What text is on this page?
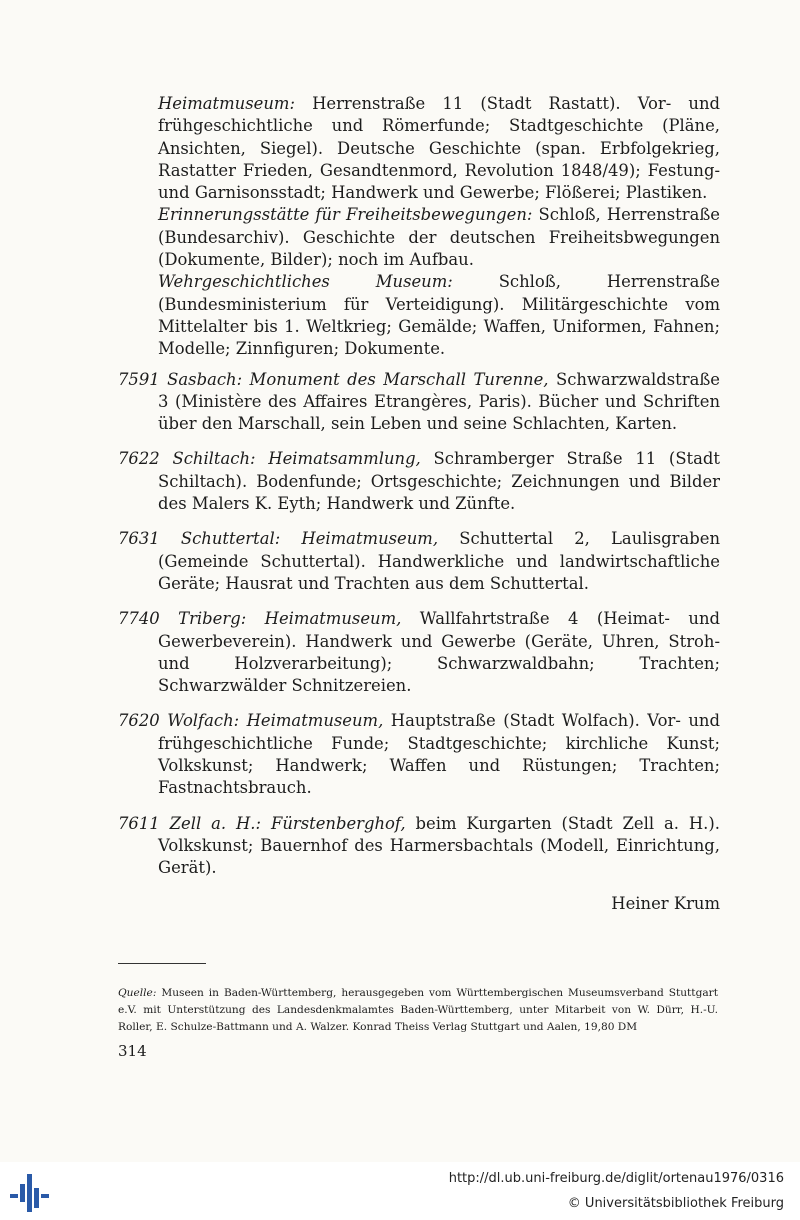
Heimatmuseum: Herrenstraße 11 (Stadt Rastatt). Vor- und frühgeschichtliche und Römerfunde; Stadtgeschichte (Pläne, Ansichten, Siegel). Deutsche Geschichte (span. Erbfolgekrieg, Rastatter Frieden, Gesandtenmord, Revolution 1848/49); Festung- und Garnisonsstadt; Handwerk und Gewerbe; Flößerei; Plastiken.

Erinnerungsstätte für Freiheitsbewegungen: Schloß, Herrenstraße (Bundesarchiv). Geschichte der deutschen Freiheitsbwegungen (Dokumente, Bilder); noch im Aufbau.

Wehrgeschichtliches Museum: Schloß, Herrenstraße (Bundesministerium für Verteidigung). Militärgeschichte vom Mittelalter bis 1. Weltkrieg; Gemälde; Waffen, Uniformen, Fahnen; Modelle; Zinnfiguren; Dokumente.

7591 Sasbach: Monument des Marschall Turenne, Schwarzwaldstraße 3 (Ministère des Affaires Etrangères, Paris). Bücher und Schriften über den Marschall, sein Leben und seine Schlachten, Karten.

7622 Schiltach: Heimatsammlung, Schramberger Straße 11 (Stadt Schiltach). Bodenfunde; Ortsgeschichte; Zeichnungen und Bilder des Malers K. Eyth; Handwerk und Zünfte.

7631 Schuttertal: Heimatmuseum, Schuttertal 2, Laulisgraben (Gemeinde Schuttertal). Handwerkliche und landwirtschaftliche Geräte; Hausrat und Trachten aus dem Schuttertal.

7740 Triberg: Heimatmuseum, Wallfahrtstraße 4 (Heimat- und Gewerbeverein). Handwerk und Gewerbe (Geräte, Uhren, Stroh- und Holzverarbeitung); Schwarzwaldbahn; Trachten; Schwarzwälder Schnitzereien.

7620 Wolfach: Heimatmuseum, Hauptstraße (Stadt Wolfach). Vor- und frühgeschichtliche Funde; Stadtgeschichte; kirchliche Kunst; Volkskunst; Handwerk; Waffen und Rüstungen; Trachten; Fastnachtsbrauch.

7611 Zell a. H.: Fürstenberghof, beim Kurgarten (Stadt Zell a. H.). Volkskunst; Bauernhof des Harmersbachtals (Modell, Einrichtung, Gerät).

Heiner Krum

Quelle: Museen in Baden-Württemberg, herausgegeben vom Württembergischen Museumsverband Stuttgart e.V. mit Unterstützung des Landesdenkmalamtes Baden-Württemberg, unter Mitarbeit von W. Dürr, H.-U. Roller, E. Schulze-Battmann und A. Walzer. Konrad Theiss Verlag Stuttgart und Aalen, 19,80 DM

314
http://dl.ub.uni-freiburg.de/diglit/ortenau1976/0316
© Universitätsbibliothek Freiburg
